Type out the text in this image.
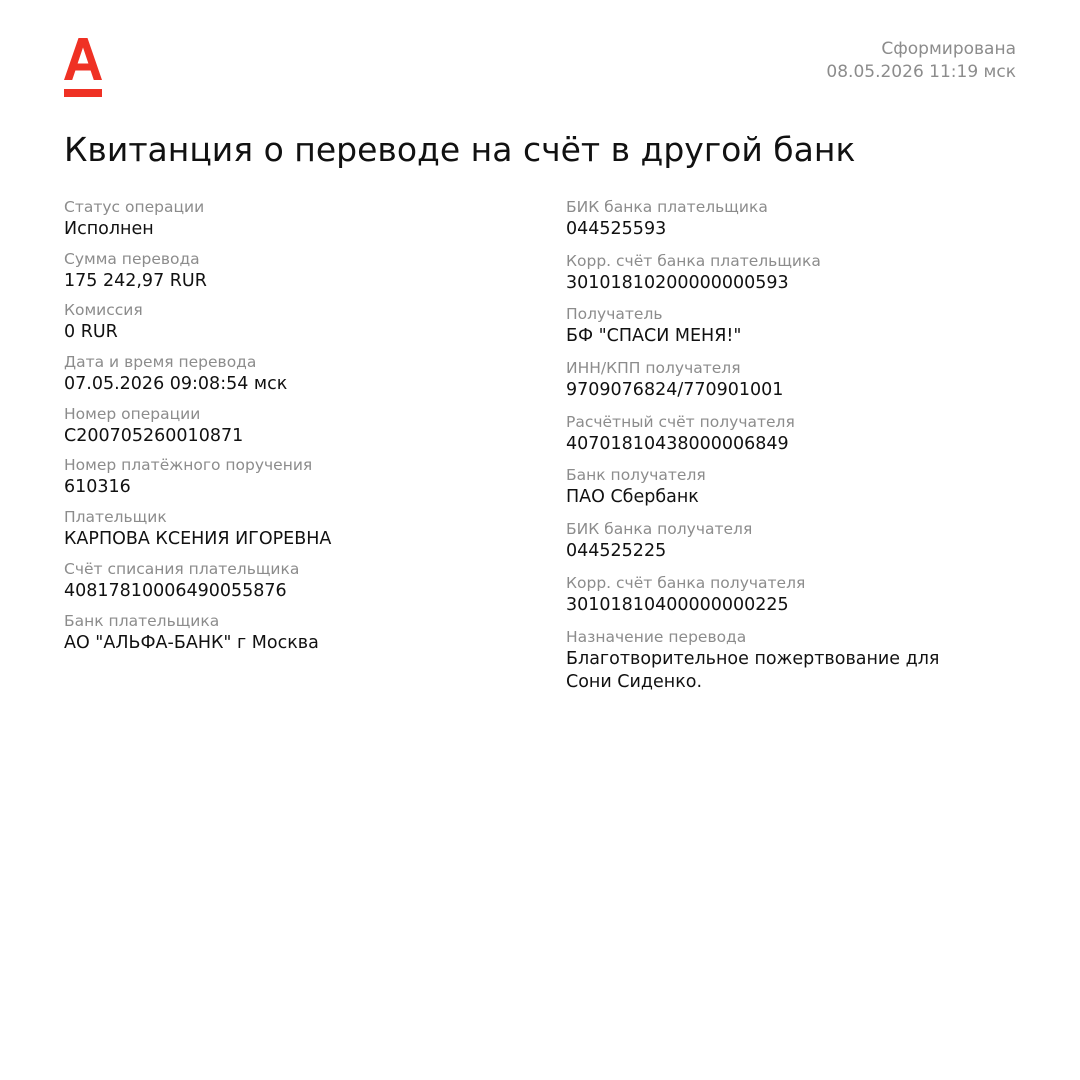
Сформирована
08.05.2026 11:19 мск
Квитанция о переводе на счёт в другой банк
Статус операции
Исполнен
Сумма перевода
175 242,97 RUR
Комиссия
0 RUR
Дата и время перевода
07.05.2026 09:08:54 мск
Номер операции
C200705260010871
Номер платёжного поручения
610316
Плательщик
КАРПОВА КСЕНИЯ ИГОРЕВНА
Счёт списания плательщика
40817810006490055876
Банк плательщика
АО "АЛЬФА-БАНК" г Москва
БИК банка плательщика
044525593
Корр. счёт банка плательщика
30101810200000000593
Получатель
БФ "СПАСИ МЕНЯ!"
ИНН/КПП получателя
9709076824/770901001
Расчётный счёт получателя
40701810438000006849
Банк получателя
ПАО Сбербанк
БИК банка получателя
044525225
Корр. счёт банка получателя
30101810400000000225
Назначение перевода
Благотворительное пожертвование для Сони Сиденко.
